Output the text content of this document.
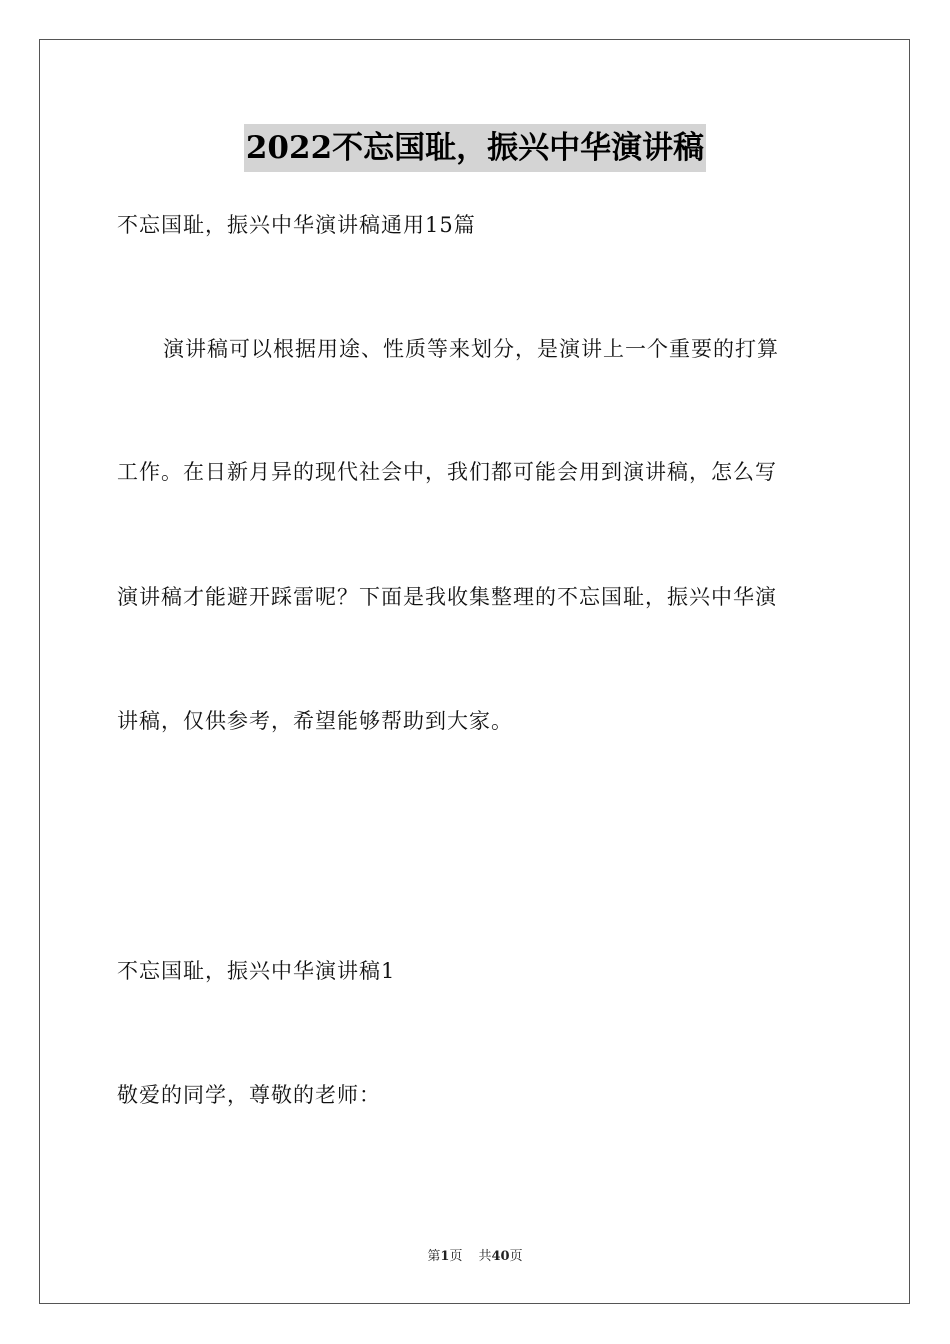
2022不忘国耻，振兴中华演讲稿
不忘国耻，振兴中华演讲稿通用15篇
演讲稿可以根据用途、性质等来划分，是演讲上一个重要的打算
工作。在日新月异的现代社会中，我们都可能会用到演讲稿，怎么写
演讲稿才能避开踩雷呢？下面是我收集整理的不忘国耻，振兴中华演
讲稿，仅供参考，希望能够帮助到大家。
不忘国耻，振兴中华演讲稿1
敬爱的同学，尊敬的老师：
第1页 共40页
